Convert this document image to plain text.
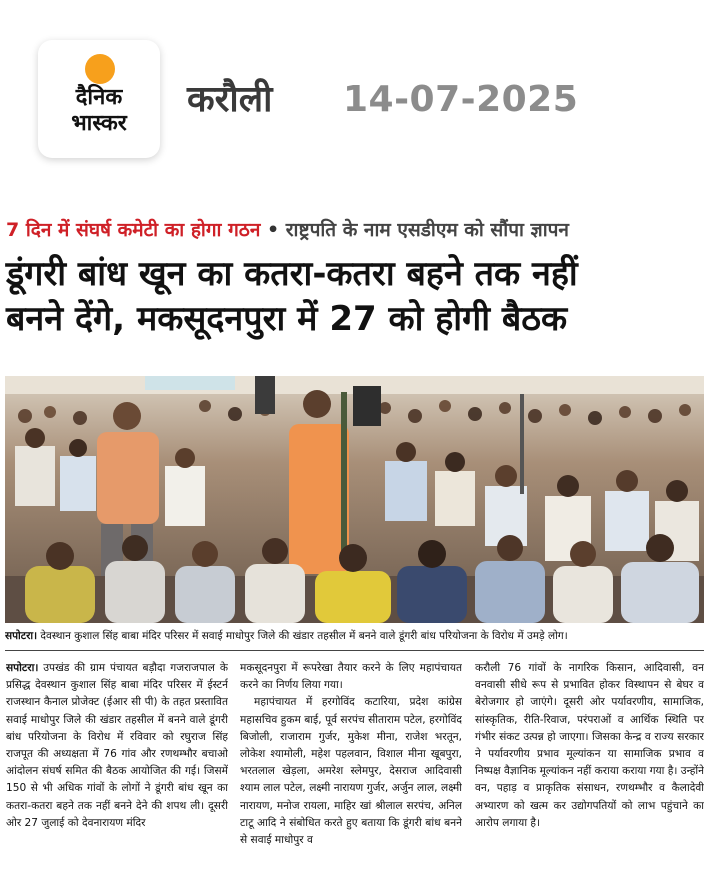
दैनिक
भास्कर
करौली 14-07-2025
7 दिन में संघर्ष कमेटी का होगा गठन • राष्ट्रपति के नाम एसडीएम को सौंपा ज्ञापन
डूंगरी बांध खून का कतरा-कतरा बहने तक नहीं
बनने देंगे, मकसूदनपुरा में 27 को होगी बैठक
सपोटरा। देवस्थान कुशाल सिंह बाबा मंदिर परिसर में सवाई माधोपुर जिले की खंडार तहसील में बनने वाले डूंगरी बांध परियोजना के विरोध में उमड़े लोग।

सपोटरा। उपखंड की ग्राम पंचायत बड़ौदा गजराजपाल के प्रसिद्ध देवस्थान कुशाल सिंह बाबा मंदिर परिसर में ईस्टर्न राजस्थान कैनाल प्रोजेक्ट (ईआर सी पी) के तहत प्रस्तावित सवाई माधोपुर जिले की खंडार तहसील में बनने वाले डूंगरी बांध परियोजना के विरोध में रविवार को रघुराज सिंह राजपूत की अध्यक्षता में 76 गांव और रणथम्भौर बचाओ आंदोलन संघर्ष समित की बैठक आयोजित की गई। जिसमें 150 से भी अधिक गांवों के लोगों ने डूंगरी बांध खून का कतरा-कतरा बहने तक नहीं बनने देने की शपथ ली। दूसरी ओर 27 जुलाई को देवनारायण मंदिर

मकसूदनपुरा में रूपरेखा तैयार करने के लिए महापंचायत करने का निर्णय लिया गया।

महापंचायत में हरगोविंद कटारिया, प्रदेश कांग्रेस महासचिव हुकम बाई, पूर्व सरपंच सीताराम पटेल, हरगोविंद बिजोली, राजाराम गुर्जर, मुकेश मीना, राजेश भरतून, लोकेश श्यामोली, महेश पहलवान, विशाल मीना खूबपुरा, भरतलाल खेड़ला, अमरेश स्लेमपुर, देसराज आदिवासी श्याम लाल पटेल, लक्ष्मी नारायण गुर्जर, अर्जुन लाल, लक्ष्मी नारायण, मनोज रायला, माहिर खां श्रीलाल सरपंच, अनिल टाटू आदि ने संबोधित करते हुए बताया कि डूंगरी बांध बनने से सवाई माधोपुर व

करौली 76 गांवों के नागरिक किसान, आदिवासी, वन वनवासी सीधे रूप से प्रभावित होकर विस्थापन से बेघर व बेरोजगार हो जाएंगे। दूसरी ओर पर्यावरणीय, सामाजिक, सांस्कृतिक, रीति-रिवाज, परंपराओं व आर्थिक स्थिति पर गंभीर संकट उत्पन्न हो जाएगा। जिसका केन्द्र व राज्य सरकार ने पर्यावरणीय प्रभाव मूल्यांकन या सामाजिक प्रभाव व निष्पक्ष वैज्ञानिक मूल्यांकन नहीं कराया कराया गया है। उन्होंने वन, पहाड़ व प्राकृतिक संसाधन, रणथम्भौर व कैलादेवी अभ्यारण को खत्म कर उद्योगपतियों को लाभ पहुंचाने का आरोप लगाया है।
